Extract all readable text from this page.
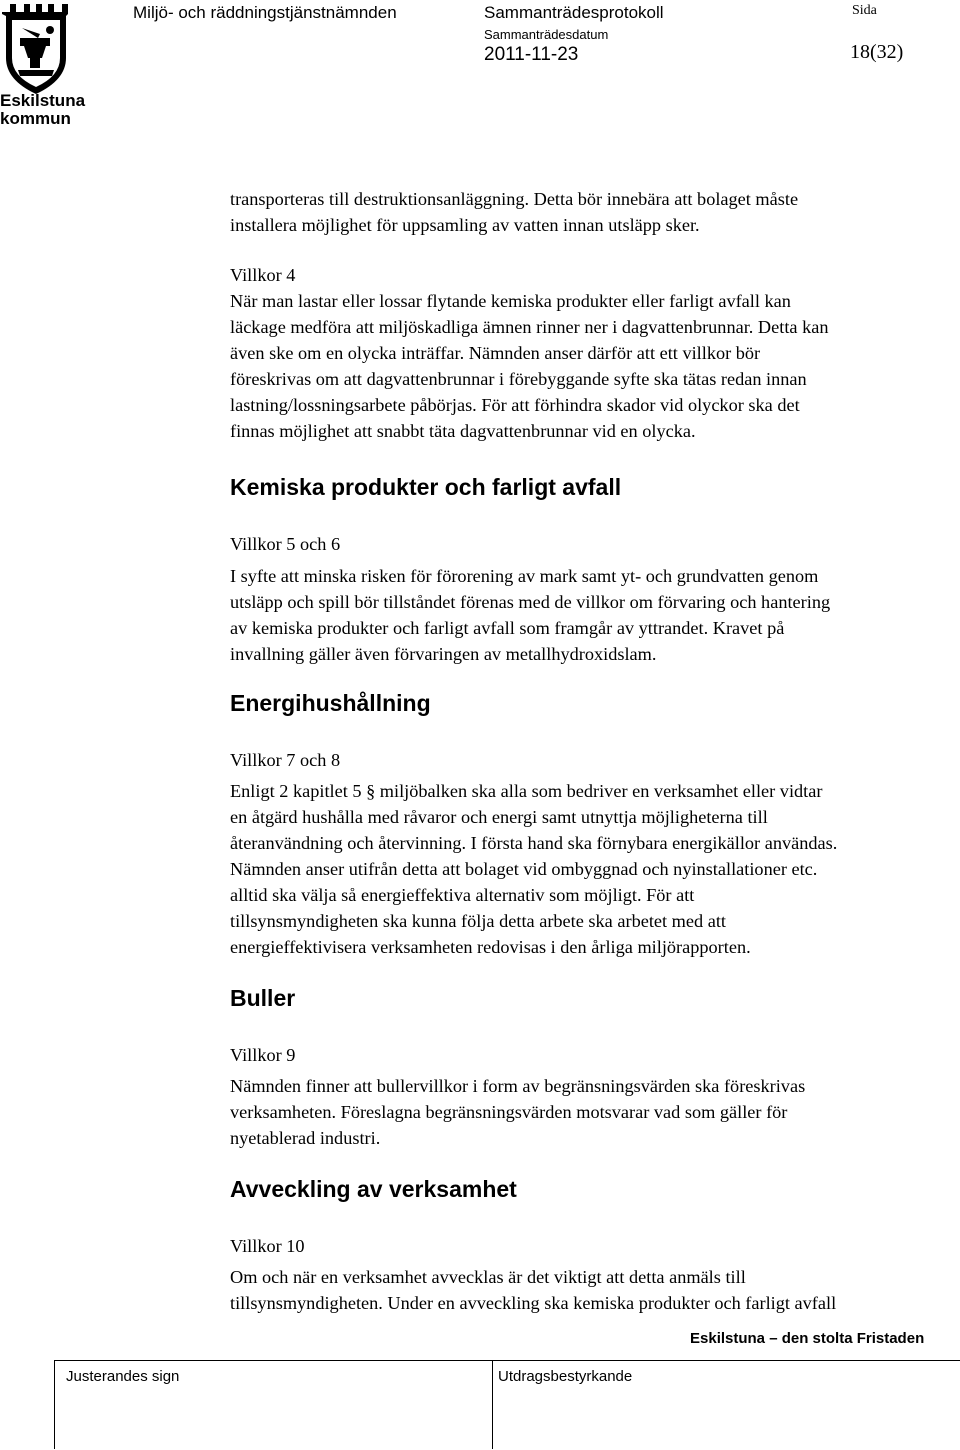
Eskilstuna
kommun
Miljö- och räddningstjänstnämnden	Sammanträdesprotokoll
Sammanträdesdatum
2011-11-23
Sida
18(32)

transporteras till destruktionsanläggning. Detta bör innebära att bolaget måste

installera möjlighet för uppsamling av vatten innan utsläpp sker.

Villkor 4

När man lastar eller lossar flytande kemiska produkter eller farligt avfall kan

läckage medföra att miljöskadliga ämnen rinner ner i dagvattenbrunnar. Detta kan

även ske om en olycka inträffar. Nämnden anser därför att ett villkor bör

föreskrivas om att dagvattenbrunnar i förebyggande syfte ska tätas redan innan

lastning/lossningsarbete påbörjas. För att förhindra skador vid olyckor ska det

finnas möjlighet att snabbt täta dagvattenbrunnar vid en olycka.

Kemiska produkter och farligt avfall

Villkor 5 och 6

I syfte att minska risken för förorening av mark samt yt- och grundvatten genom

utsläpp och spill bör tillståndet förenas med de villkor om förvaring och hantering

av kemiska produkter och farligt avfall som framgår av yttrandet. Kravet på

invallning gäller även förvaringen av metallhydroxidslam.

Energihushållning

Villkor 7 och 8

Enligt 2 kapitlet 5 § miljöbalken ska alla som bedriver en verksamhet eller vidtar

en åtgärd hushålla med råvaror och energi samt utnyttja möjligheterna till

återanvändning och återvinning. I första hand ska förnybara energikällor användas.

Nämnden anser utifrån detta att bolaget vid ombyggnad och nyinstallationer etc.

alltid ska välja så energieffektiva alternativ som möjligt. För att

tillsynsmyndigheten ska kunna följa detta arbete ska arbetet med att

energieffektivisera verksamheten redovisas i den årliga miljörapporten.

Buller

Villkor 9

Nämnden finner att bullervillkor i form av begränsningsvärden ska föreskrivas

verksamheten. Föreslagna begränsningsvärden motsvarar vad som gäller för

nyetablerad industri.

Avveckling av verksamhet

Villkor 10

Om och när en verksamhet avvecklas är det viktigt att detta anmäls till

tillsynsmyndigheten. Under en avveckling ska kemiska produkter och farligt avfall

Eskilstuna – den stolta Fristaden
Justerandes sign	Utdragsbestyrkande
